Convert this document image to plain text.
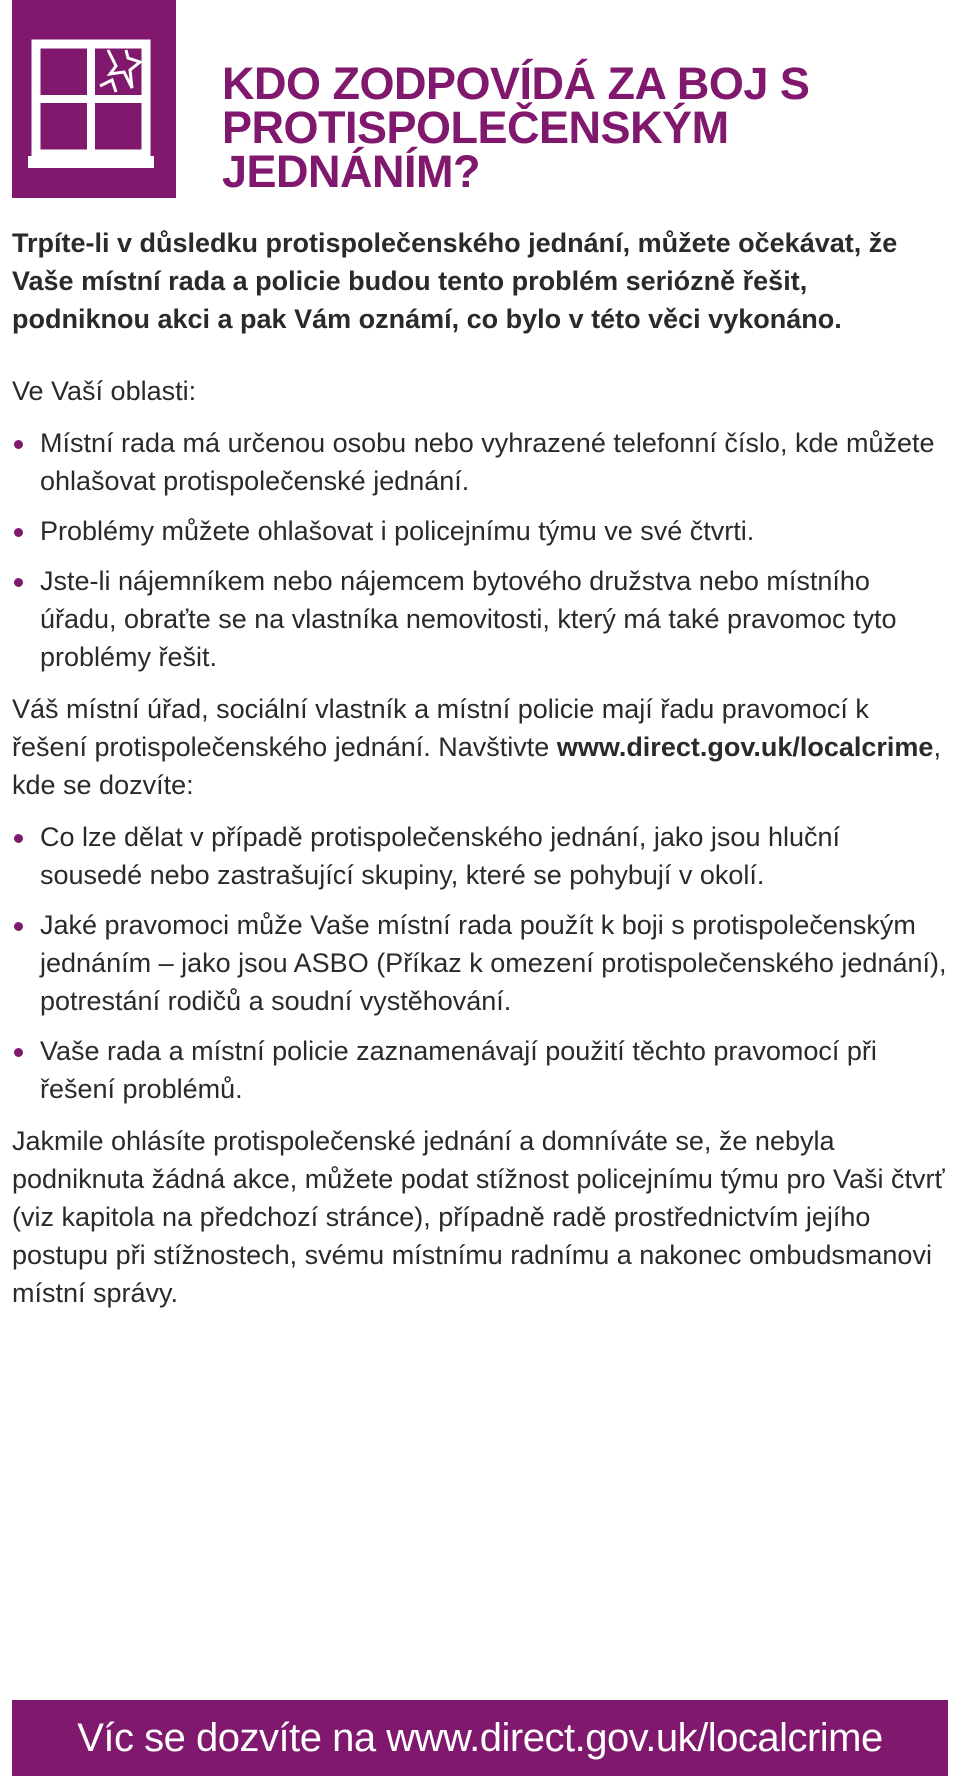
KDO ZODPOVÍDÁ ZA BOJ S PROTISPOLEČENSKÝM JEDNÁNÍM?

Trpíte-li v důsledku protispolečenského jednání, můžete očekávat, že Vaše místní rada a policie budou tento problém seriózně řešit, podniknou akci a pak Vám oznámí, co bylo v této věci vykonáno.

Ve Vaší oblasti:

Místní rada má určenou osobu nebo vyhrazené telefonní číslo, kde můžete ohlašovat protispolečenské jednání.
Problémy můžete ohlašovat i policejnímu týmu ve své čtvrti.
Jste-li nájemníkem nebo nájemcem bytového družstva nebo místního úřadu, obraťte se na vlastníka nemovitosti, který má také pravomoc tyto problémy řešit.

Váš místní úřad, sociální vlastník a místní policie mají řadu pravomocí k řešení protispolečenského jednání. Navštivte www.direct.gov.uk/localcrime, kde se dozvíte:

Co lze dělat v případě protispolečenského jednání, jako jsou hluční sousedé nebo zastrašující skupiny, které se pohybují v okolí.
Jaké pravomoci může Vaše místní rada použít k boji s protispolečenským jednáním – jako jsou ASBO (Příkaz k omezení protispolečenského jednání), potrestání rodičů a soudní vystěhování.
Vaše rada a místní policie zaznamenávají použití těchto pravomocí při řešení problémů.

Jakmile ohlásíte protispolečenské jednání a domníváte se, že nebyla podniknuta žádná akce, můžete podat stížnost policejnímu týmu pro Vaši čtvrť (viz kapitola na předchozí stránce), případně radě prostřednictvím jejího postupu při stížnostech, svému místnímu radnímu a nakonec ombudsmanovi místní správy.

Víc se dozvíte na www.direct.gov.uk/localcrime
